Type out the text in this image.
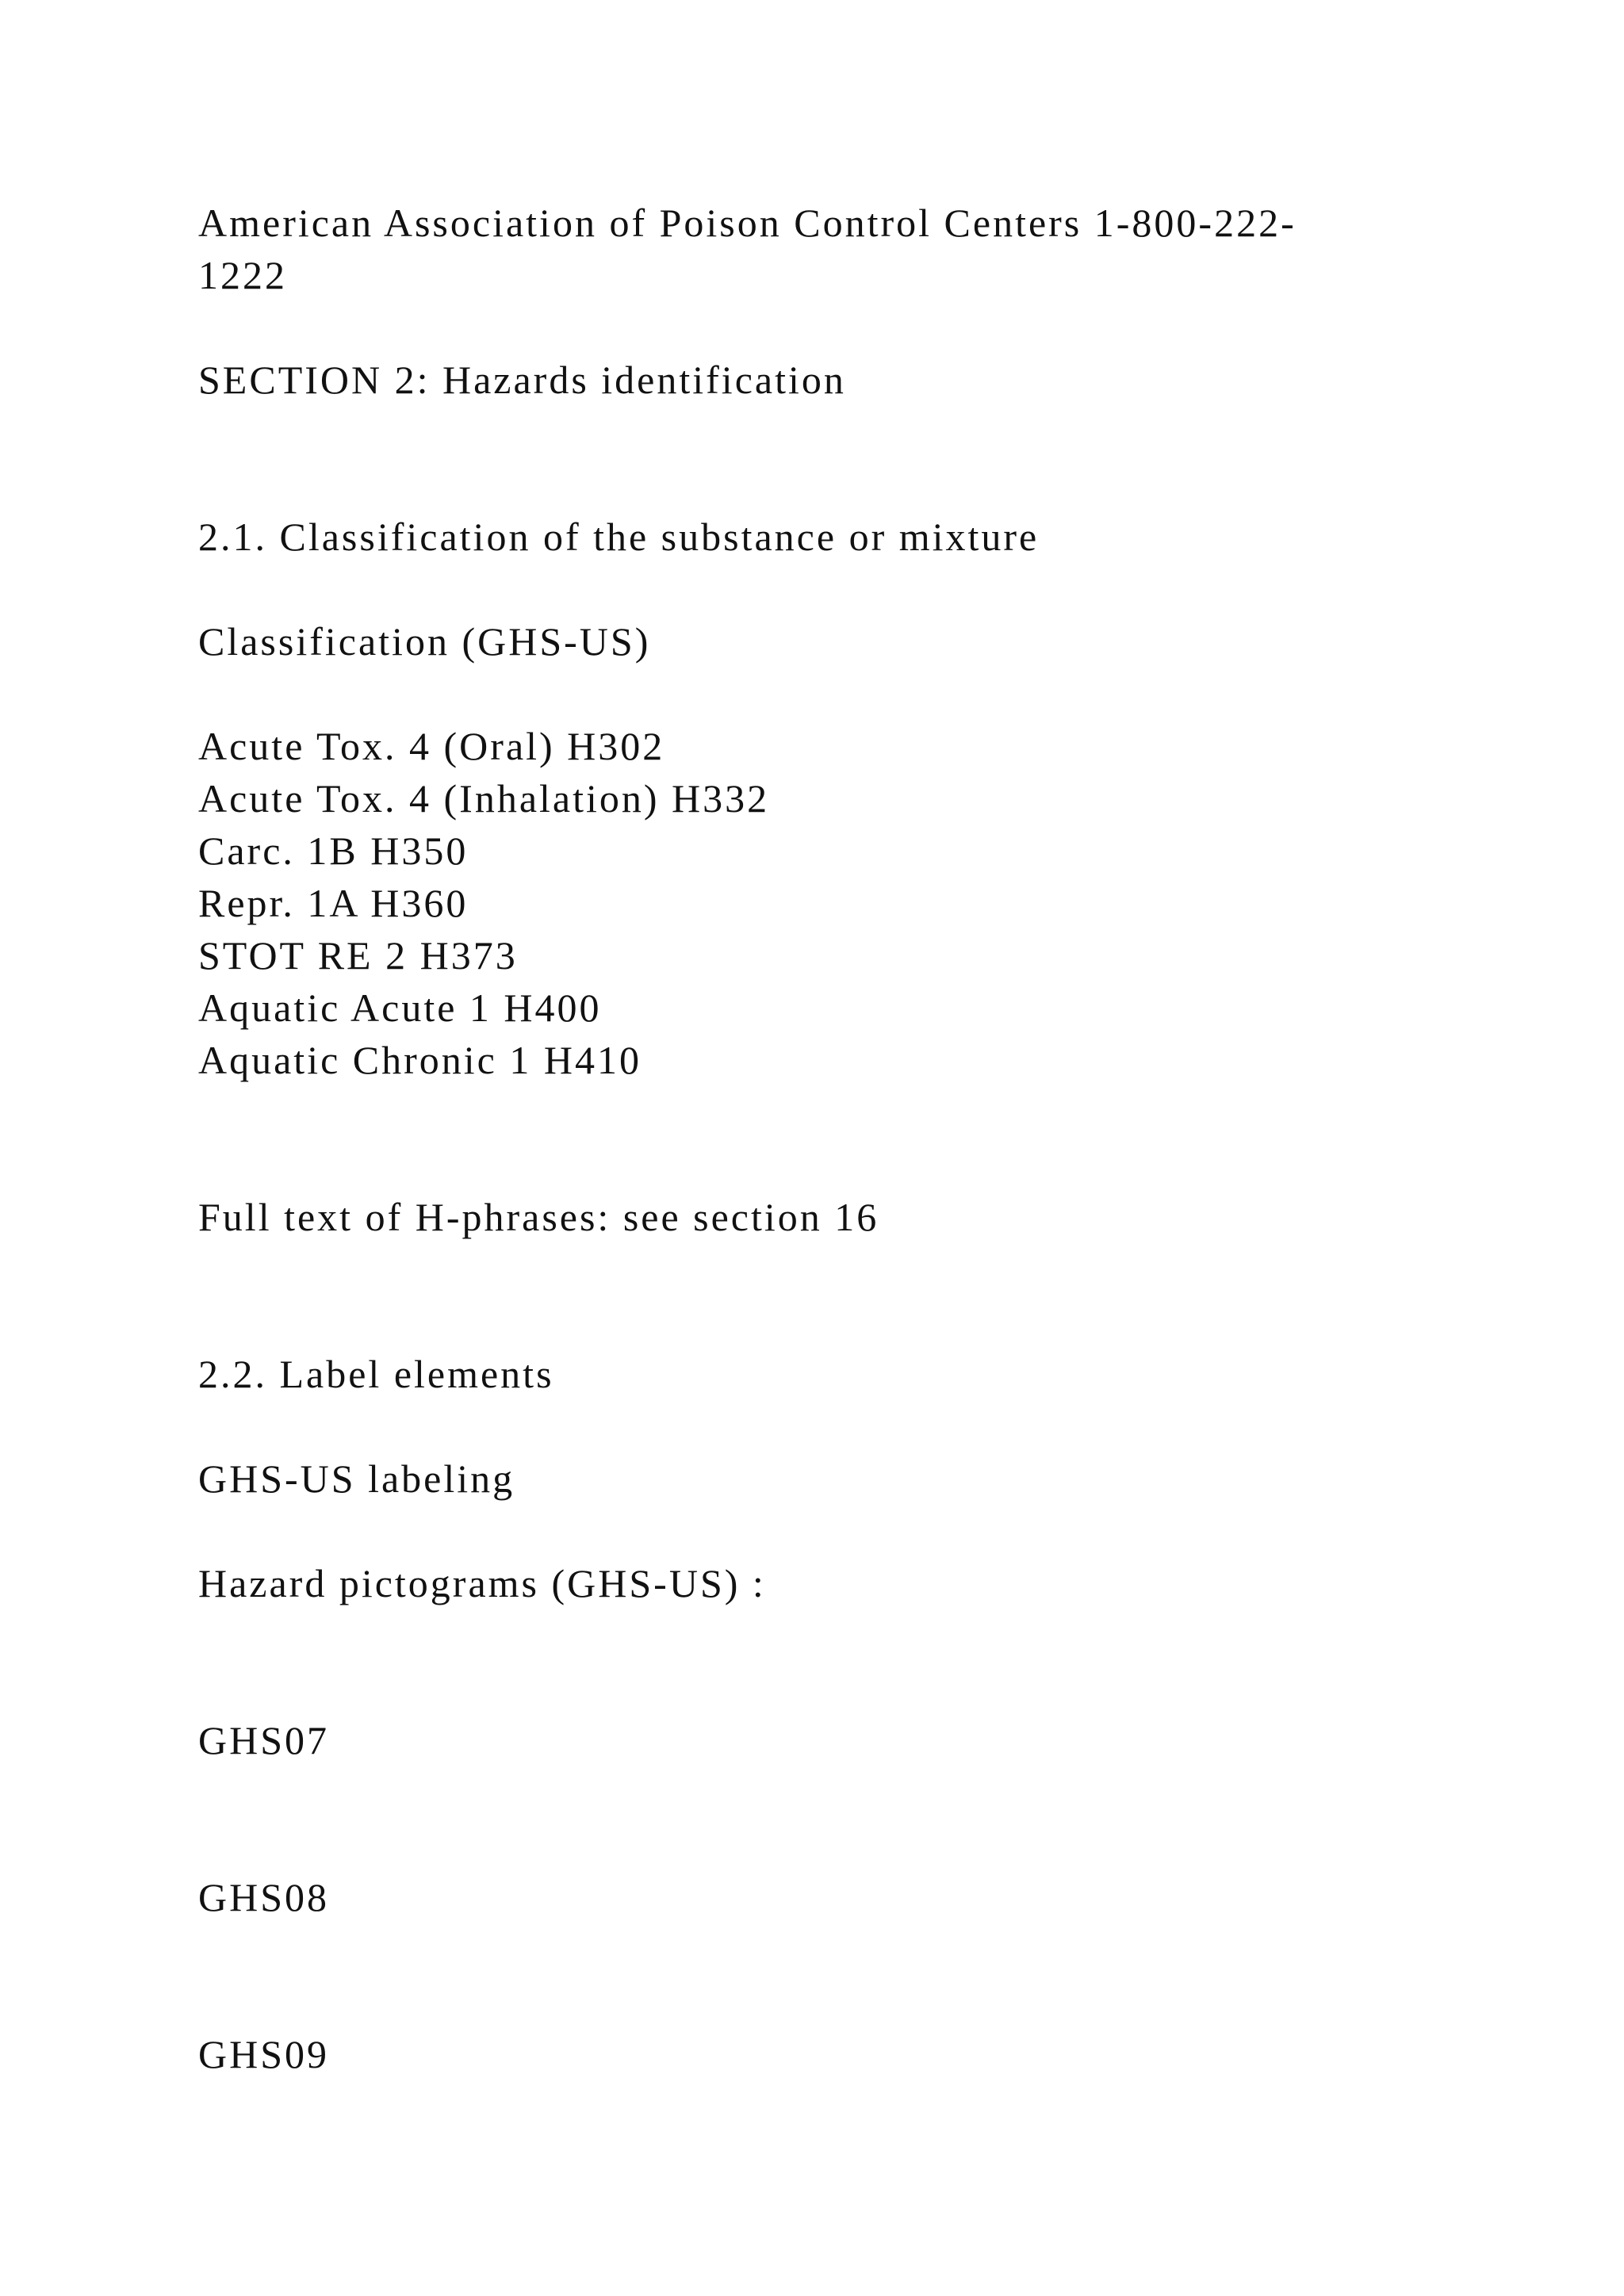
American Association of Poison Control Centers 1-800-222-
1222
SECTION 2: Hazards identification
2.1. Classification of the substance or mixture
Classification (GHS-US)
Acute Tox. 4 (Oral) H302
Acute Tox. 4 (Inhalation) H332
Carc. 1B H350
Repr. 1A H360
STOT RE 2 H373
Aquatic Acute 1 H400
Aquatic Chronic 1 H410
Full text of H-phrases: see section 16
2.2. Label elements
GHS-US labeling
Hazard pictograms (GHS-US) :
GHS07
GHS08
GHS09
